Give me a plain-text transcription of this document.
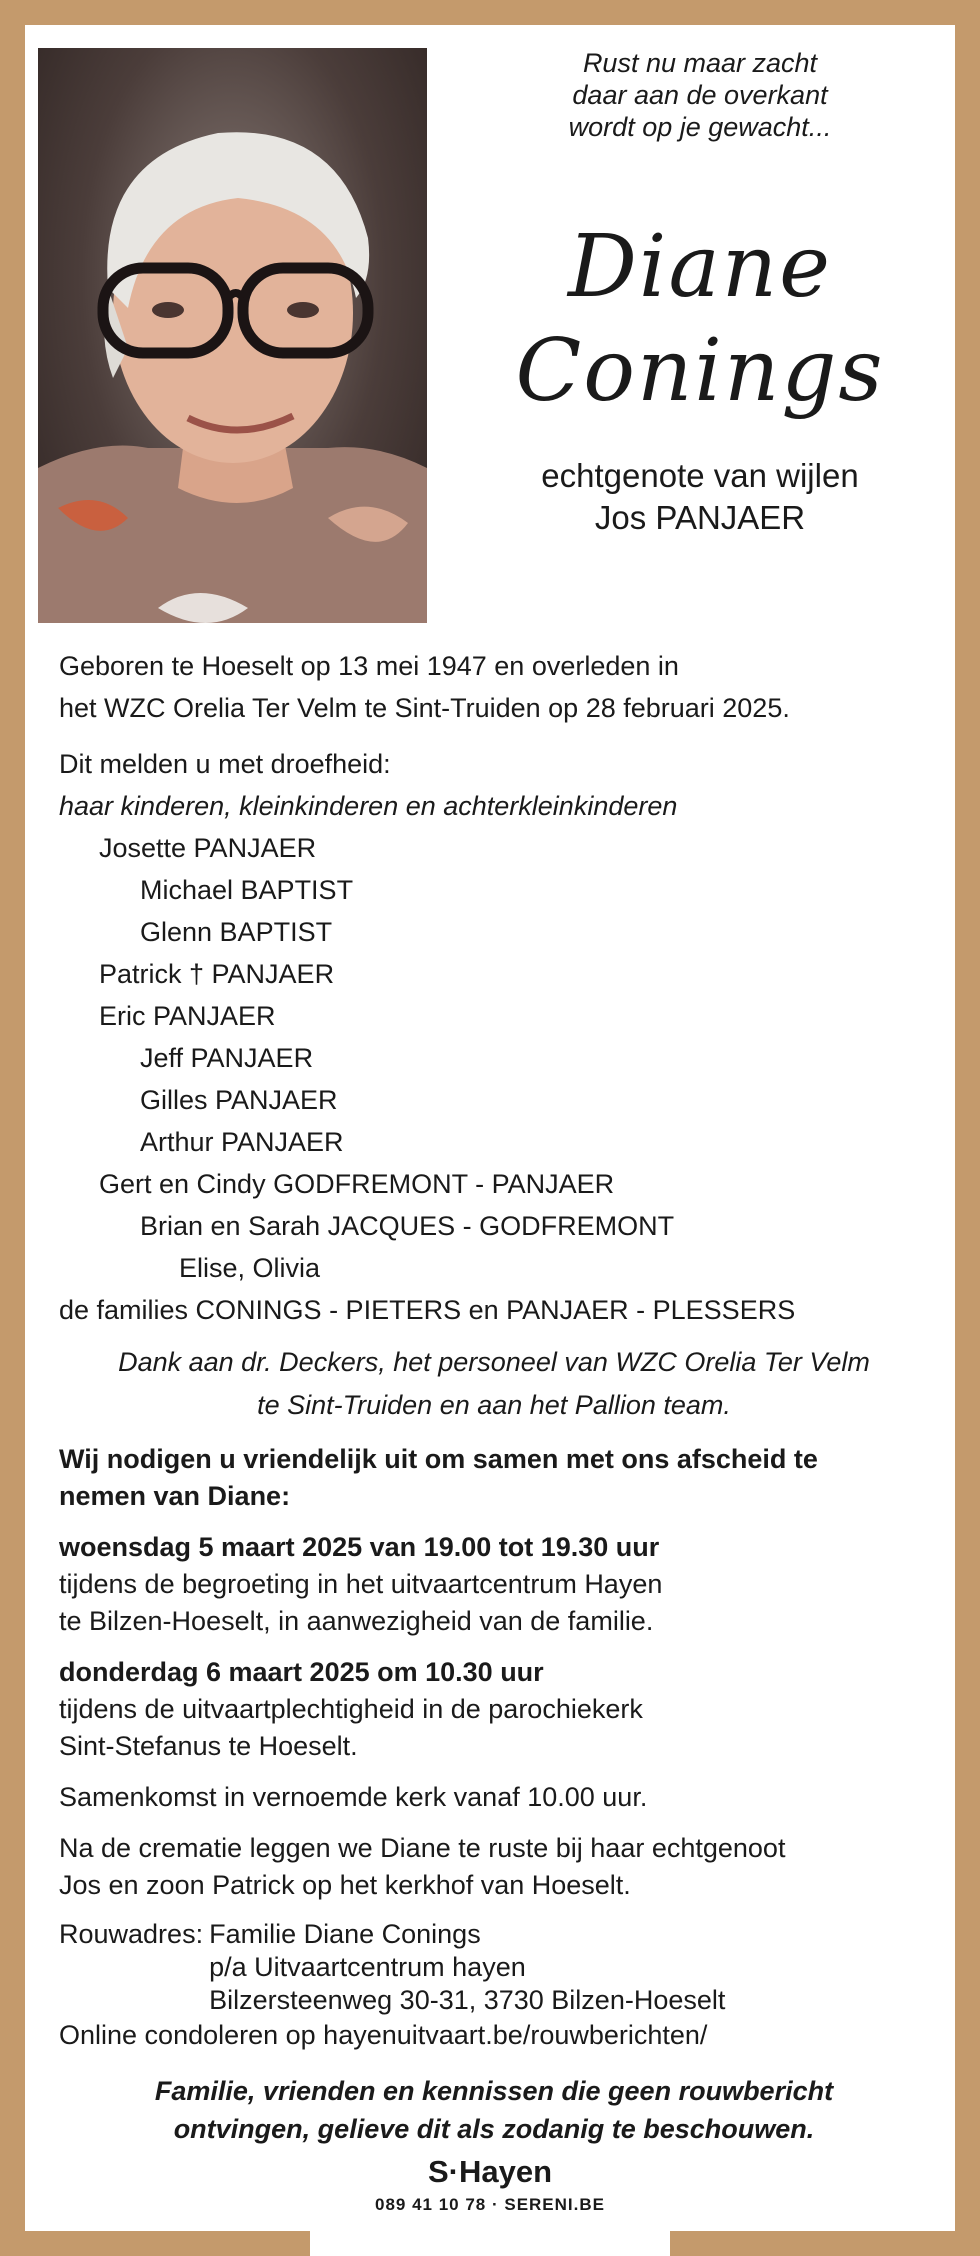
Rust nu maar zacht
daar aan de overkant
wordt op je gewacht...
Diane
Conings
echtgenote van wijlen
Jos PANJAER
Geboren te Hoeselt op 13 mei 1947 en overleden in
het WZC Orelia Ter Velm te Sint-Truiden op 28 februari 2025.
Dit melden u met droefheid:
haar kinderen, kleinkinderen en achterkleinkinderen
Josette PANJAER
Michael BAPTIST
Glenn BAPTIST
Patrick † PANJAER
Eric PANJAER
Jeff PANJAER
Gilles PANJAER
Arthur PANJAER
Gert en Cindy GODFREMONT - PANJAER
Brian en Sarah JACQUES - GODFREMONT
Elise, Olivia
de families CONINGS - PIETERS en PANJAER - PLESSERS
Dank aan dr. Deckers, het personeel van WZC Orelia Ter Velm
te Sint-Truiden en aan het Pallion team.
Wij nodigen u vriendelijk uit om samen met ons afscheid te
nemen van Diane:
woensdag 5 maart 2025 van 19.00 tot 19.30 uur
tijdens de begroeting in het uitvaartcentrum Hayen
te Bilzen-Hoeselt, in aanwezigheid van de familie.
donderdag 6 maart 2025 om 10.30 uur
tijdens de uitvaartplechtigheid in de parochiekerk
Sint-Stefanus te Hoeselt.
Samenkomst in vernoemde kerk vanaf 10.00 uur.
Na de crematie leggen we Diane te ruste bij haar echtgenoot
Jos en zoon Patrick op het kerkhof van Hoeselt.
Rouwadres: Familie Diane Conings
p/a Uitvaartcentrum hayen
Bilzersteenweg 30-31, 3730 Bilzen-Hoeselt
Online condoleren op hayenuitvaart.be/rouwberichten/
Familie, vrienden en kennissen die geen rouwbericht
ontvingen, gelieve dit als zodanig te beschouwen.
S·Hayen
089 41 10 78 · SERENI.BE
